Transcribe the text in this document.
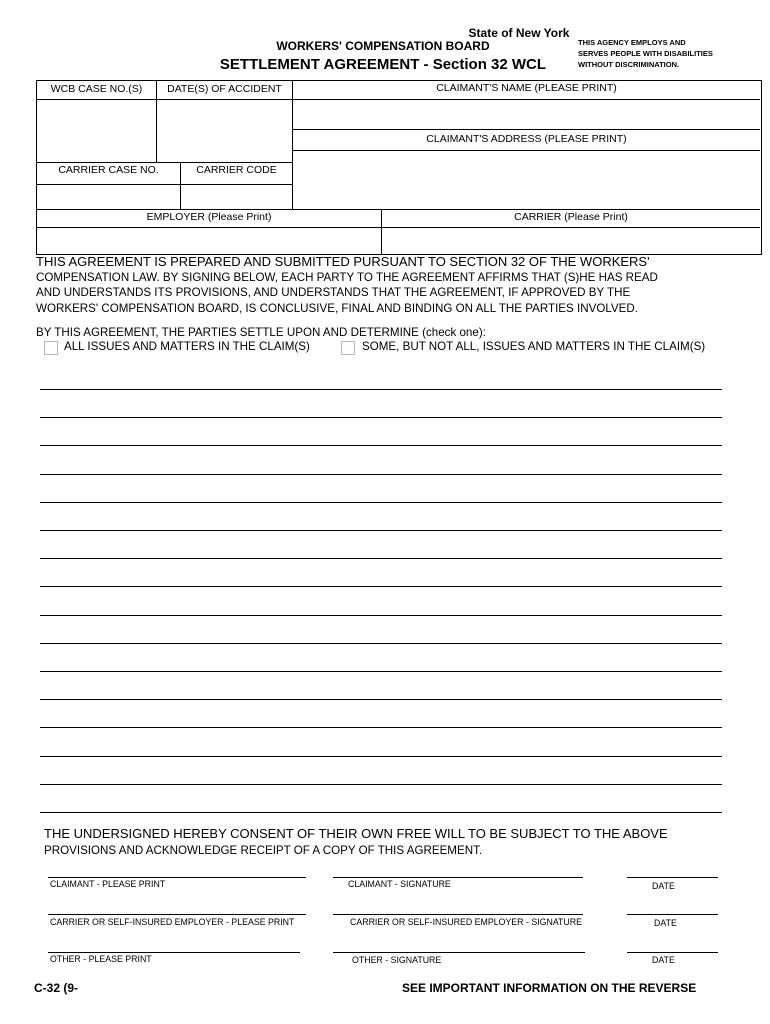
State of New York
WORKERS' COMPENSATION BOARD
SETTLEMENT AGREEMENT - Section 32 WCL
THIS AGENCY EMPLOYS AND
SERVES PEOPLE WITH DISABILITIES
WITHOUT DISCRIMINATION.
WCB CASE NO.(S)	DATE(S) OF ACCIDENT	CLAIMANT'S NAME (PLEASE PRINT)
CLAIMANT'S ADDRESS (PLEASE PRINT)
CARRIER CASE NO.	CARRIER CODE
EMPLOYER (Please Print)	CARRIER (Please Print)
THIS AGREEMENT IS PREPARED AND SUBMITTED PURSUANT TO SECTION 32 OF THE WORKERS'
COMPENSATION LAW. BY SIGNING BELOW, EACH PARTY TO THE AGREEMENT AFFIRMS THAT (S)HE HAS READ
AND UNDERSTANDS ITS PROVISIONS, AND UNDERSTANDS THAT THE AGREEMENT, IF APPROVED BY THE
WORKERS' COMPENSATION BOARD, IS CONCLUSIVE, FINAL AND BINDING ON ALL THE PARTIES INVOLVED.
BY THIS AGREEMENT, THE PARTIES SETTLE UPON AND DETERMINE (check one):
ALL ISSUES AND MATTERS IN THE CLAIM(S)	SOME, BUT NOT ALL, ISSUES AND MATTERS IN THE CLAIM(S)
THE UNDERSIGNED HEREBY CONSENT OF THEIR OWN FREE WILL TO BE SUBJECT TO THE ABOVE
PROVISIONS AND ACKNOWLEDGE RECEIPT OF A COPY OF THIS AGREEMENT.
CLAIMANT - PLEASE PRINT	CLAIMANT - SIGNATURE	DATE
CARRIER OR SELF-INSURED EMPLOYER - PLEASE PRINT	CARRIER OR SELF-INSURED EMPLOYER - SIGNATURE	DATE
OTHER - PLEASE PRINT	OTHER - SIGNATURE	DATE
C-32 (9-	SEE IMPORTANT INFORMATION ON THE REVERSE
